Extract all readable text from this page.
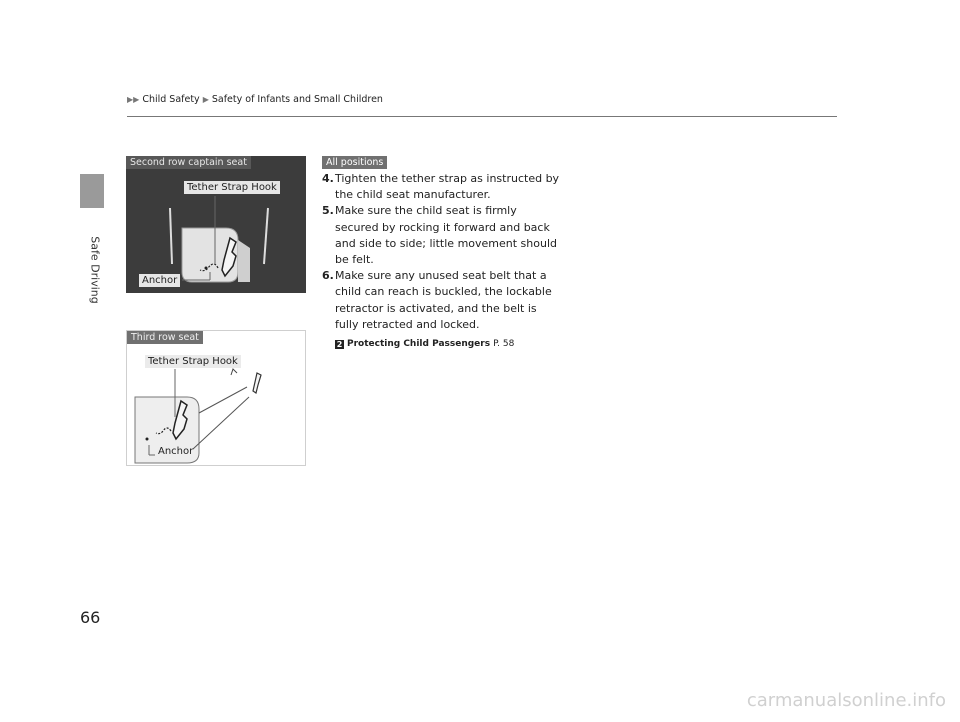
Safe Driving
▶▶ Child Safety ▶ Safety of Infants and Small Children
Second row captain seat
Tether Strap Hook
Anchor
Third row seat
Tether Strap Hook
Anchor
All positions
4. Tighten the tether strap as instructed by the child seat manufacturer.
5. Make sure the child seat is firmly secured by rocking it forward and back and side to side; little movement should be felt.
6. Make sure any unused seat belt that a child can reach is buckled, the lockable retractor is activated, and the belt is fully retracted and locked.
2 Protecting Child Passengers P. 58
66
carmanualsonline.info
